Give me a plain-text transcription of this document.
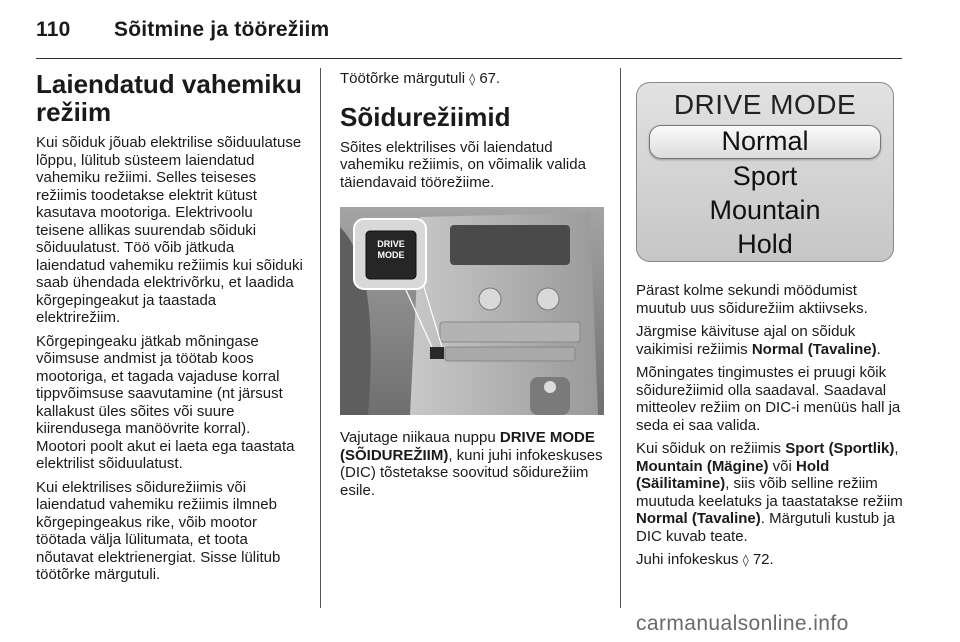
110 Sõitmine ja töörežiim
Laiendatud vahemiku režiim

Kui sõiduk jõuab elektrilise sõiduulatuse lõppu, lülitub süsteem laiendatud vahemiku režiimi. Selles teiseses režiimis toodetakse elektrit kütust kasutava mootoriga. Elektrivoolu teisene allikas suurendab sõiduki sõiduulatust. Töö võib jätkuda laiendatud vahemiku režiimis kui sõiduki saab ühendada elektrivõrku, et laadida kõrgepingeakut ja taastada elektrirežiim.

Kõrgepingeaku jätkab mõningase võimsuse andmist ja töötab koos mootoriga, et tagada vajaduse korral tippvõimsuse saavutamine (nt järsust kallakust üles sõites või suure kiirendusega manöövrite korral). Mootori poolt akut ei laeta ega taastata elektrilist sõiduulatust.

Kui elektrilises sõidurežiimis või laiendatud vahemiku režiimis ilmneb kõrgepingeakus rike, võib mootor töötada välja lülitumata, et toota nõutavat elektrienergiat. Sisse lülitub töötõrke märgutuli.

Töötõrke märgutuli ◊ 67.

Sõidurežiimid

Sõites elektrilises või laiendatud vahemiku režiimis, on võimalik valida täiendavaid töörežiime.

DRIVE
MODE

Vajutage niikaua nuppu DRIVE MODE (SÕIDUREŽIIM), kuni juhi infokeskuses (DIC) tõstetakse soovitud sõidurežiim esile.

DRIVE MODE
Normal
Sport
Mountain
Hold

Pärast kolme sekundi möödumist muutub uus sõidurežiim aktiivseks.

Järgmise käivituse ajal on sõiduk vaikimisi režiimis Normal (Tavaline).

Mõningates tingimustes ei pruugi kõik sõidurežiimid olla saadaval. Saadaval mitteolev režiim on DIC-i menüüs hall ja seda ei saa valida.

Kui sõiduk on režiimis Sport (Sportlik), Mountain (Mägine) või Hold (Säilitamine), siis võib selline režiim muutuda keelatuks ja taastatakse režiim Normal (Tavaline). Märgutuli kustub ja DIC kuvab teate.

Juhi infokeskus ◊ 72.

carmanualsonline.info
